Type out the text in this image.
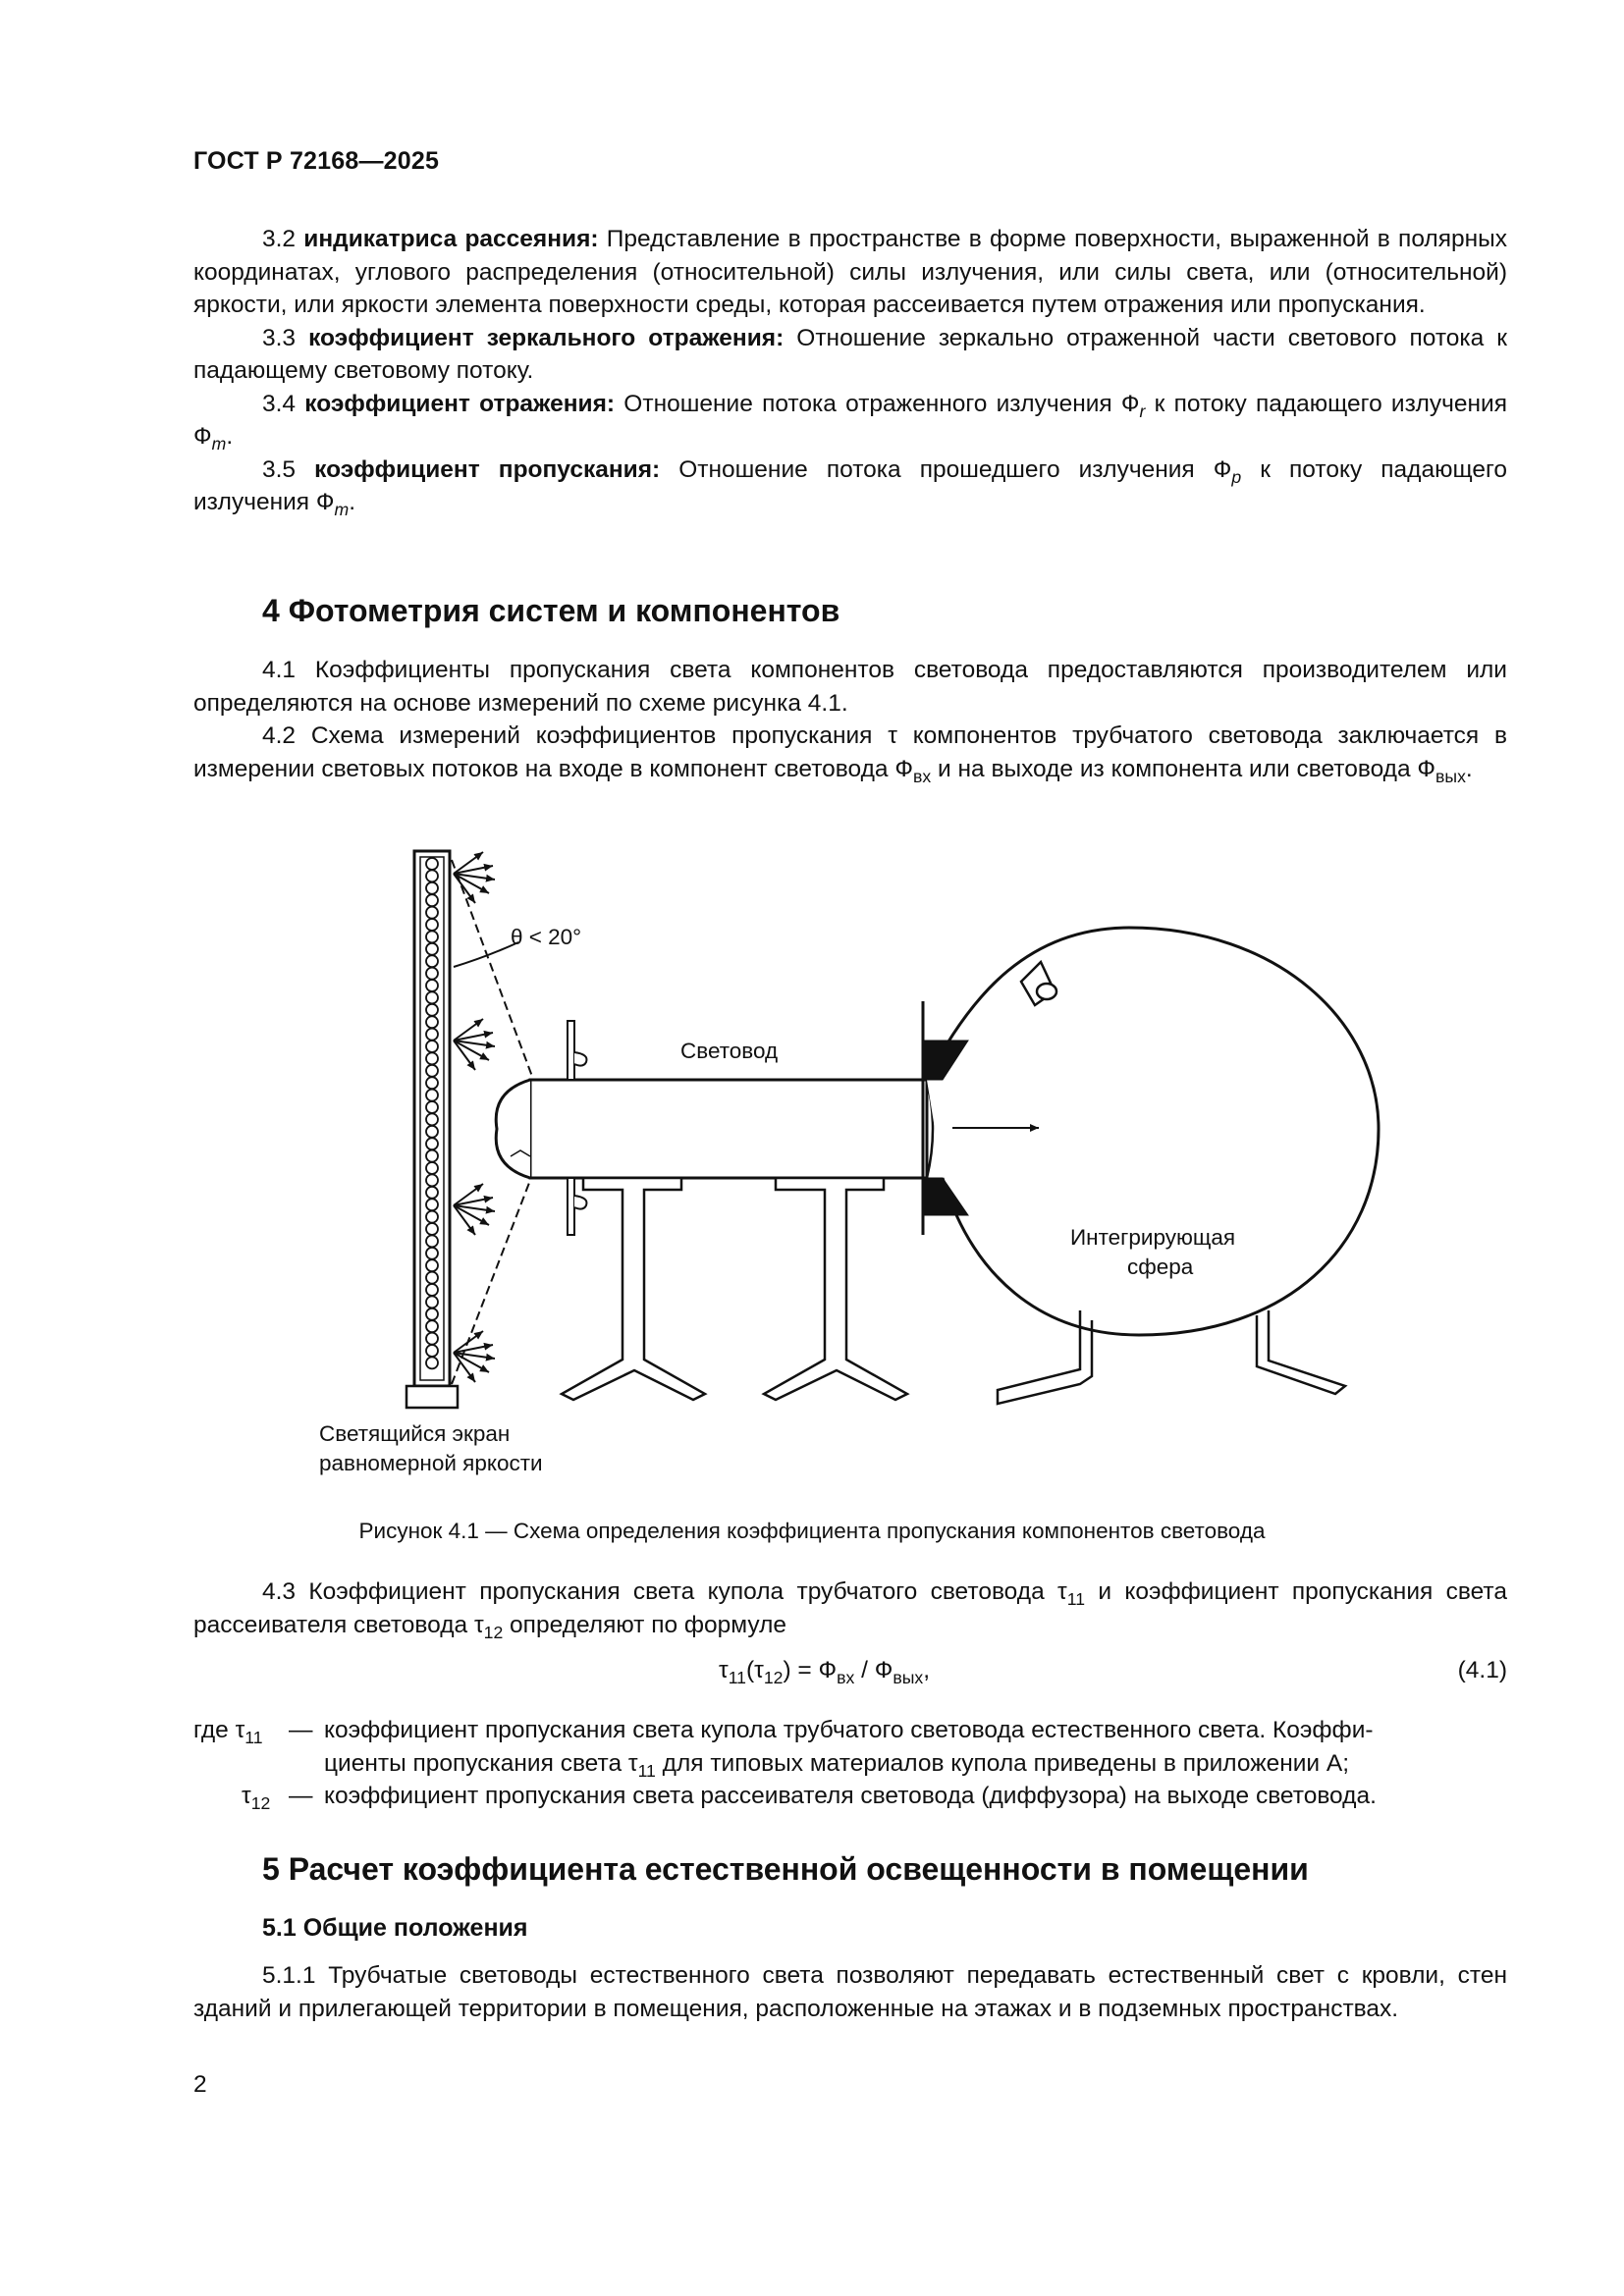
ГОСТ Р 72168—2025

3.2 индикатриса рассеяния: Представление в пространстве в форме поверхности, выраженной в полярных координатах, углового распределения (относительной) силы излучения, или силы света, или (относительной) яркости, или яркости элемента поверхности среды, которая рассеивается путем отражения или пропускания.

3.3 коэффициент зеркального отражения: Отношение зеркально отраженной части светового потока к падающему световому потоку.

3.4 коэффициент отражения: Отношение потока отраженного излучения $Ф_r$ к потоку падающего излучения $Ф_m$.

3.5 коэффициент пропускания: Отношение потока прошедшего излучения $Ф_p$ к потоку падающего излучения $Ф_m$.

4 Фотометрия систем и компонентов

4.1 Коэффициенты пропускания света компонентов световода предоставляются производителем или определяются на основе измерений по схеме рисунка 4.1.

4.2 Схема измерений коэффициентов пропускания τ компонентов трубчатого световода заключается в измерении световых потоков на входе в компонент световода $Ф_{вх}$ и на выходе из компонента или световода $Ф_{вых}$.

θ < 20°
Световод
Интегрирующая
сфера
Светящийся экран
равномерной яркости
Рисунок 4.1 — Схема определения коэффициента пропускания компонентов световода

4.3 Коэффициент пропускания света купола трубчатого световода $\tau_{11}$ и коэффициент пропускания света рассеивателя световода $\tau_{12}$ определяют по формуле

$\tau_{11}(\tau_{12}) = Ф_{вх} / Ф_{вых}$,	(4.1)
где $\tau_{11}$ — коэффициент пропускания света купола трубчатого световода естественного света. Коэффи-
циенты пропускания света $\tau_{11}$ для типовых материалов купола приведены в приложении А;
$\tau_{12}$ — коэффициент пропускания света рассеивателя световода (диффузора) на выходе световода.
5 Расчет коэффициента естественной освещенности в помещении
5.1 Общие положения

5.1.1 Трубчатые световоды естественного света позволяют передавать естественный свет с кровли, стен зданий и прилегающей территории в помещения, расположенные на этажах и в подземных пространствах.

2
